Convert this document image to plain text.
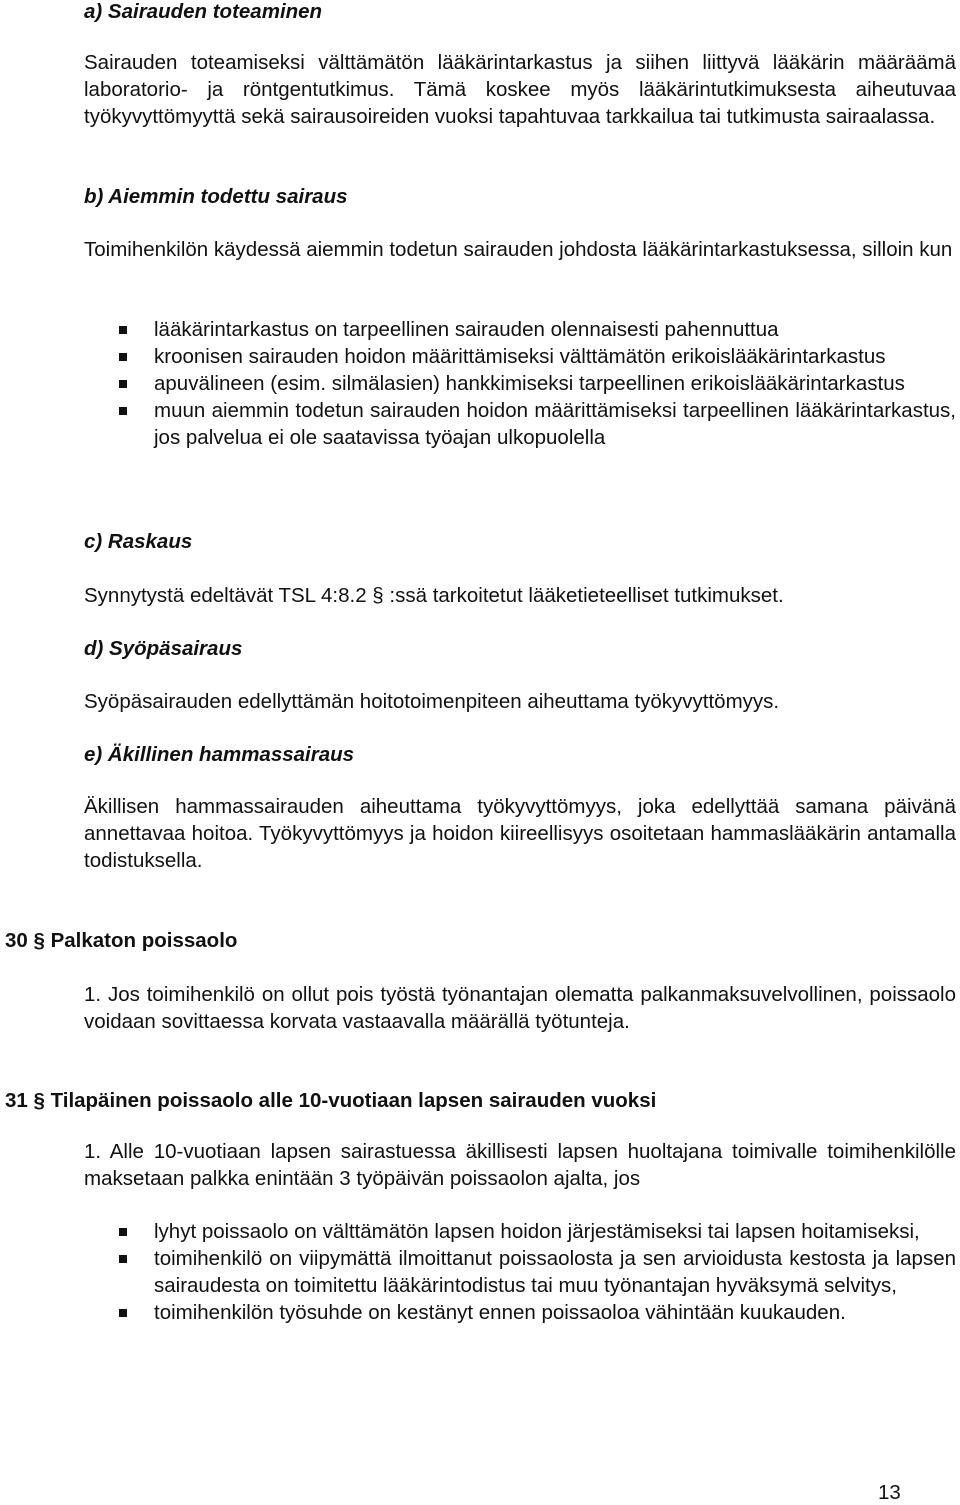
a) Sairauden toteaminen

Sairauden toteamiseksi välttämätön lääkärintarkastus ja siihen liittyvä lääkärin määräämä laboratorio- ja röntgentutkimus. Tämä koskee myös lääkärintutkimuksesta aiheutuvaa työkyvyttömyyttä sekä sairausoireiden vuoksi tapahtuvaa tarkkailua tai tutkimusta sairaalassa.

b) Aiemmin todettu sairaus

Toimihenkilön käydessä aiemmin todetun sairauden johdosta lääkärintarkastuksessa, silloin kun

lääkärintarkastus on tarpeellinen sairauden olennaisesti pahennuttua
kroonisen sairauden hoidon määrittämiseksi välttämätön erikoislääkärintarkastus
apuvälineen (esim. silmälasien) hankkimiseksi tarpeellinen erikoislääkärintarkastus
muun aiemmin todetun sairauden hoidon määrittämiseksi tarpeellinen lääkärintarkastus, jos palvelua ei ole saatavissa työajan ulkopuolella
c) Raskaus

Synnytystä edeltävät TSL 4:8.2 § :ssä tarkoitetut lääketieteelliset tutkimukset.

d) Syöpäsairaus

Syöpäsairauden edellyttämän hoitotoimenpiteen aiheuttama työkyvyttömyys.

e) Äkillinen hammassairaus

Äkillisen hammassairauden aiheuttama työkyvyttömyys, joka edellyttää samana päivänä annettavaa hoitoa. Työkyvyttömyys ja hoidon kiireellisyys osoitetaan hammaslääkärin antamalla todistuksella.

30 § Palkaton poissaolo

1. Jos toimihenkilö on ollut pois työstä työnantajan olematta palkanmaksuvelvollinen, poissaolo voidaan sovittaessa korvata vastaavalla määrällä työtunteja.

31 § Tilapäinen poissaolo alle 10-vuotiaan lapsen sairauden vuoksi

1. Alle 10-vuotiaan lapsen sairastuessa äkillisesti lapsen huoltajana toimivalle toimihenkilölle maksetaan palkka enintään 3 työpäivän poissaolon ajalta, jos

lyhyt poissaolo on välttämätön lapsen hoidon järjestämiseksi tai lapsen hoitamiseksi,
toimihenkilö on viipymättä ilmoittanut poissaolosta ja sen arvioidusta kestosta ja lapsen sairaudesta on toimitettu lääkärintodistus tai muu työnantajan hyväksymä selvitys,
toimihenkilön työsuhde on kestänyt ennen poissaoloa vähintään kuukauden.
13
